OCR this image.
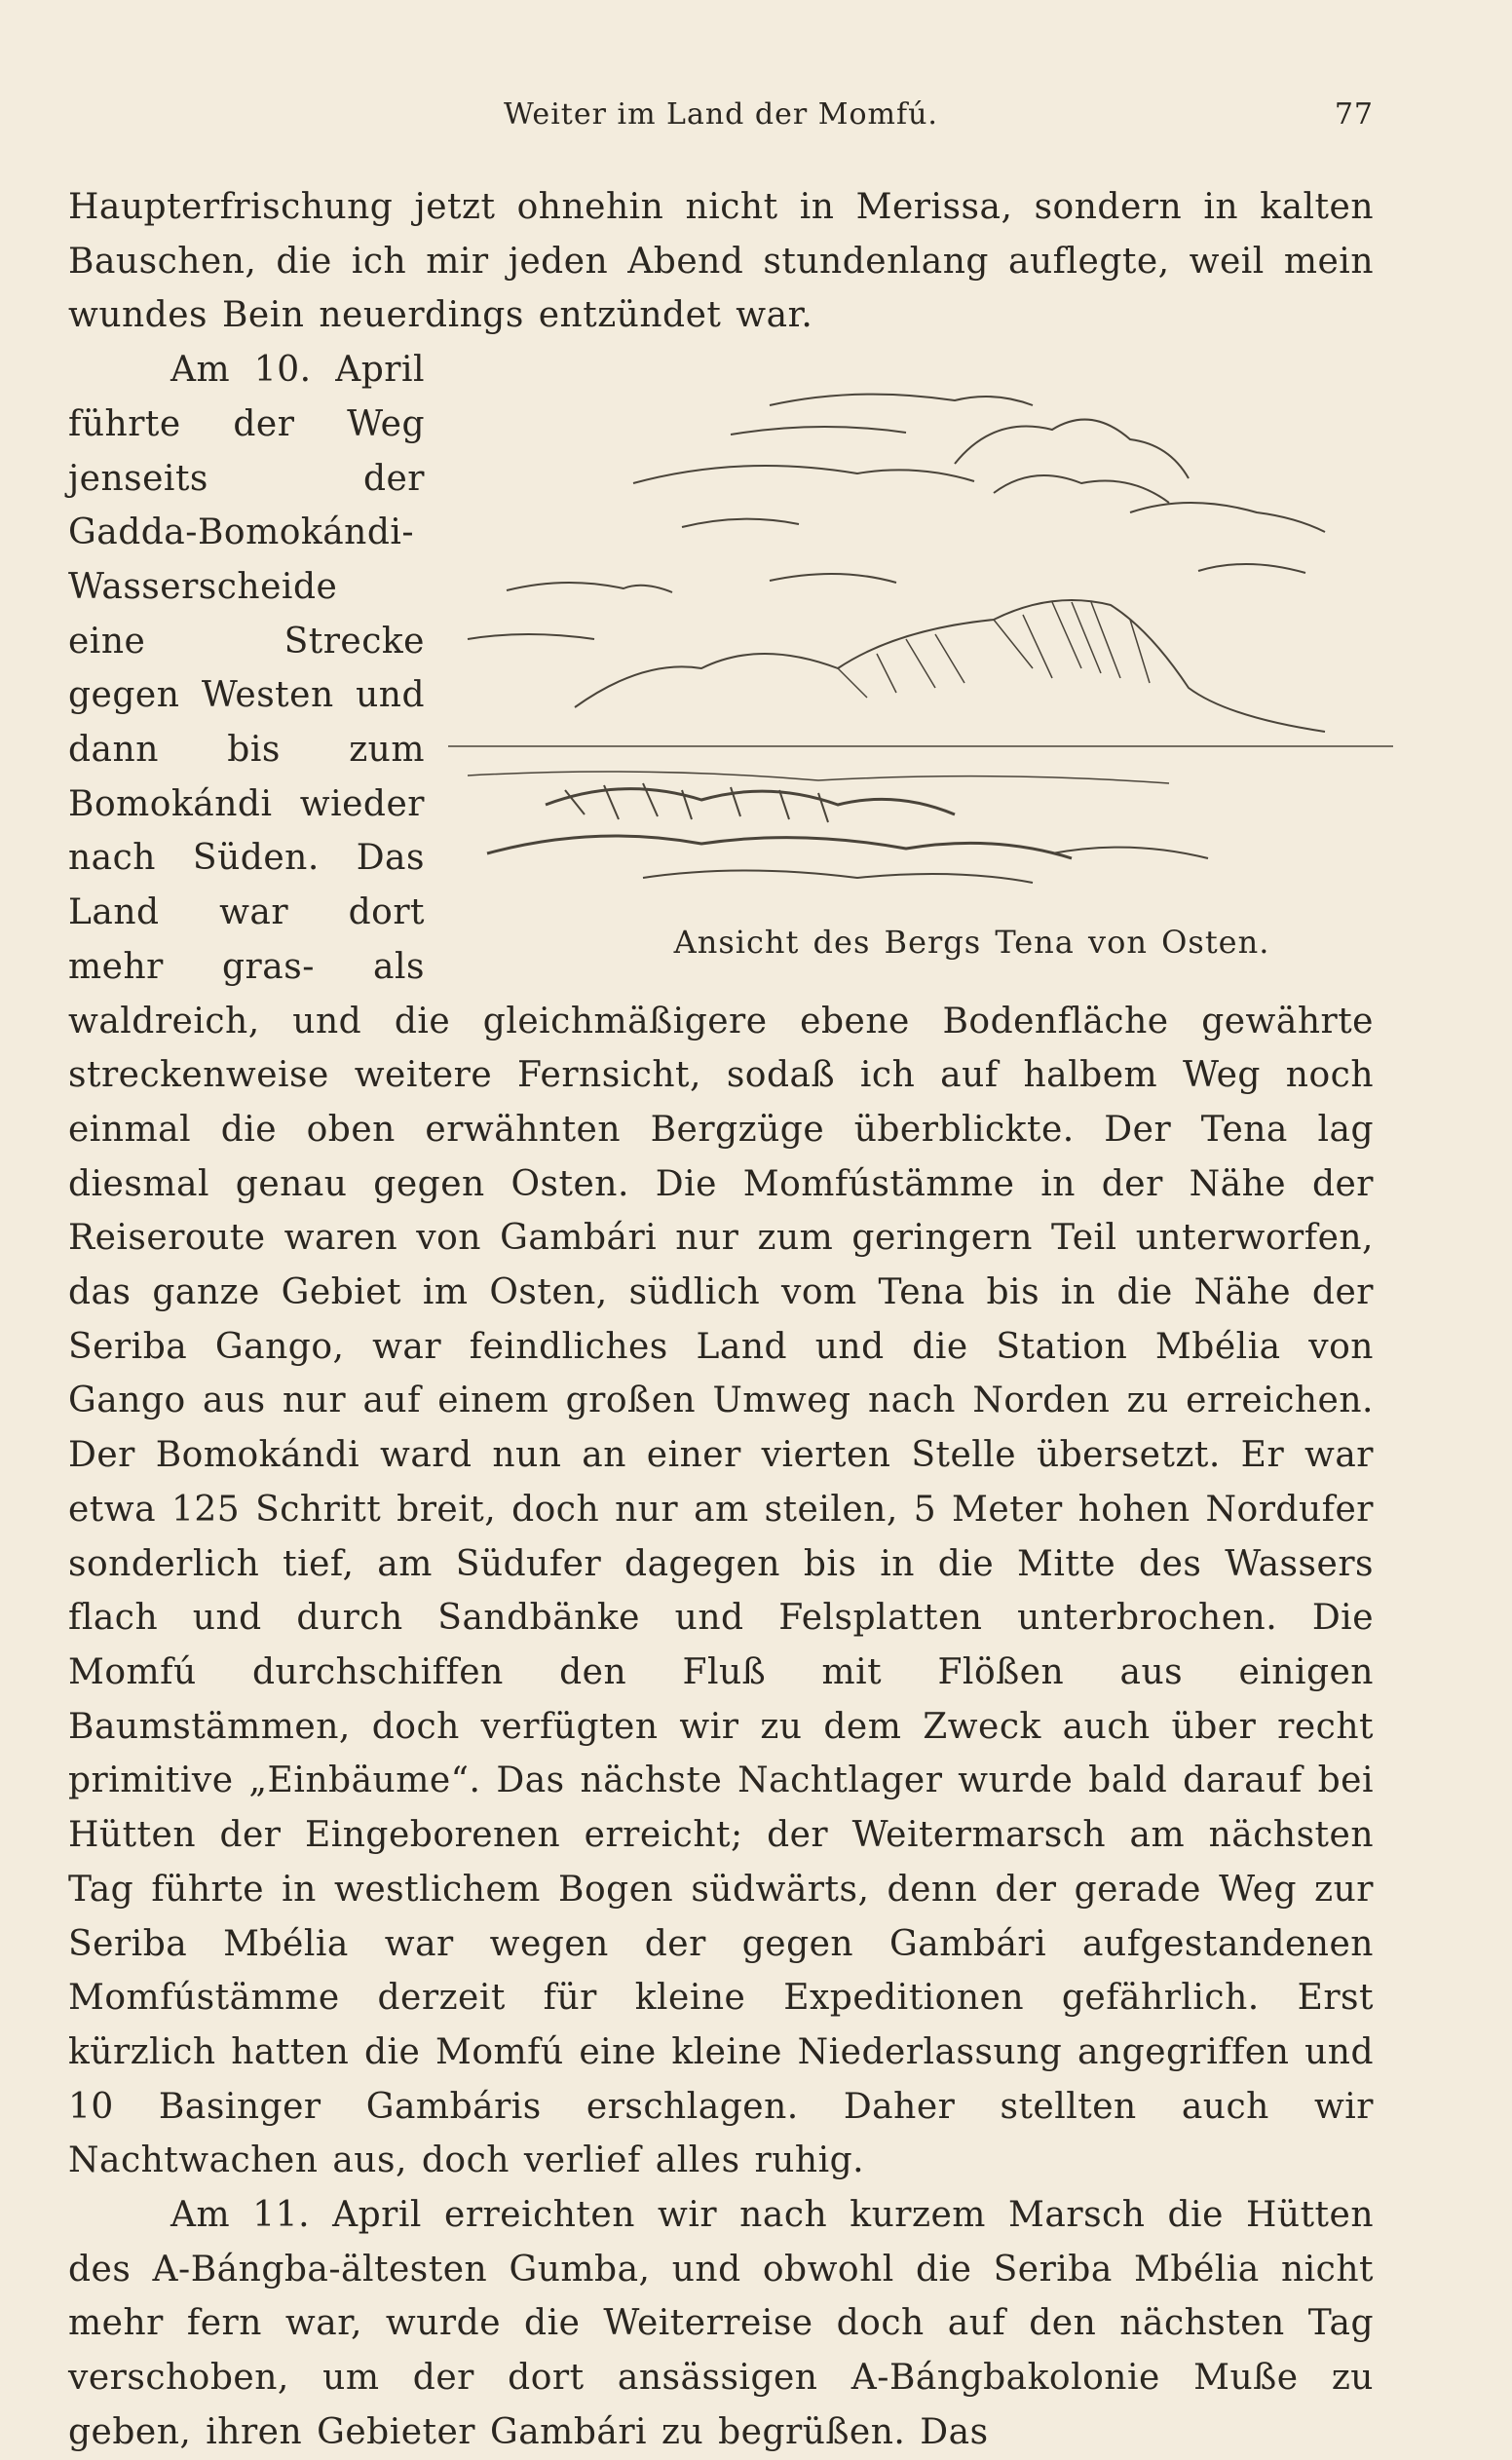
Weiter im Land der Momfú.	77

Haupterfrischung jetzt ohnehin nicht in Merissa, sondern in kalten Bauschen, die ich mir jeden Abend stundenlang auflegte, weil mein wundes Bein neuerdings entzündet war.

Ansicht des Bergs Tena von Osten.
Am 10. April führte der Weg jenseits der Gadda-Bomokándi-Wasserscheide eine Strecke gegen Westen und dann bis zum Bomokándi wieder nach Süden. Das Land war dort mehr gras- als waldreich, und die gleichmäßigere ebene Bodenfläche gewährte streckenweise weitere Fernsicht, sodaß ich auf halbem Weg noch einmal die oben erwähnten Bergzüge überblickte. Der Tena lag diesmal genau gegen Osten. Die Momfústämme in der Nähe der Reiseroute waren von Gambári nur zum geringern Teil unterworfen, das ganze Gebiet im Osten, südlich vom Tena bis in die Nähe der Seriba Gango, war feindliches Land und die Station Mbélia von Gango aus nur auf einem großen Umweg nach Norden zu erreichen. Der Bomokándi ward nun an einer vierten Stelle übersetzt. Er war etwa 125 Schritt breit, doch nur am steilen, 5 Meter hohen Nordufer sonderlich tief, am Südufer dagegen bis in die Mitte des Wassers flach und durch Sandbänke und Felsplatten unterbrochen. Die Momfú durchschiffen den Fluß mit Flößen aus einigen Baumstämmen, doch verfügten wir zu dem Zweck auch über recht primitive „Einbäume“. Das nächste Nachtlager wurde bald darauf bei Hütten der Eingeborenen erreicht; der Weitermarsch am nächsten Tag führte in westlichem Bogen südwärts, denn der gerade Weg zur Seriba Mbélia war wegen der gegen Gambári aufgestandenen Momfústämme derzeit für kleine Expeditionen gefährlich. Erst kürzlich hatten die Momfú eine kleine Niederlassung angegriffen und 10 Basinger Gambáris erschlagen. Daher stellten auch wir Nachtwachen aus, doch verlief alles ruhig.

Am 11. April erreichten wir nach kurzem Marsch die Hütten des A-Bángba-ältesten Gumba, und obwohl die Seriba Mbélia nicht mehr fern war, wurde die Weiterreise doch auf den nächsten Tag verschoben, um der dort ansässigen A-Bángbakolonie Muße zu geben, ihren Gebieter Gambári zu begrüßen. Das
